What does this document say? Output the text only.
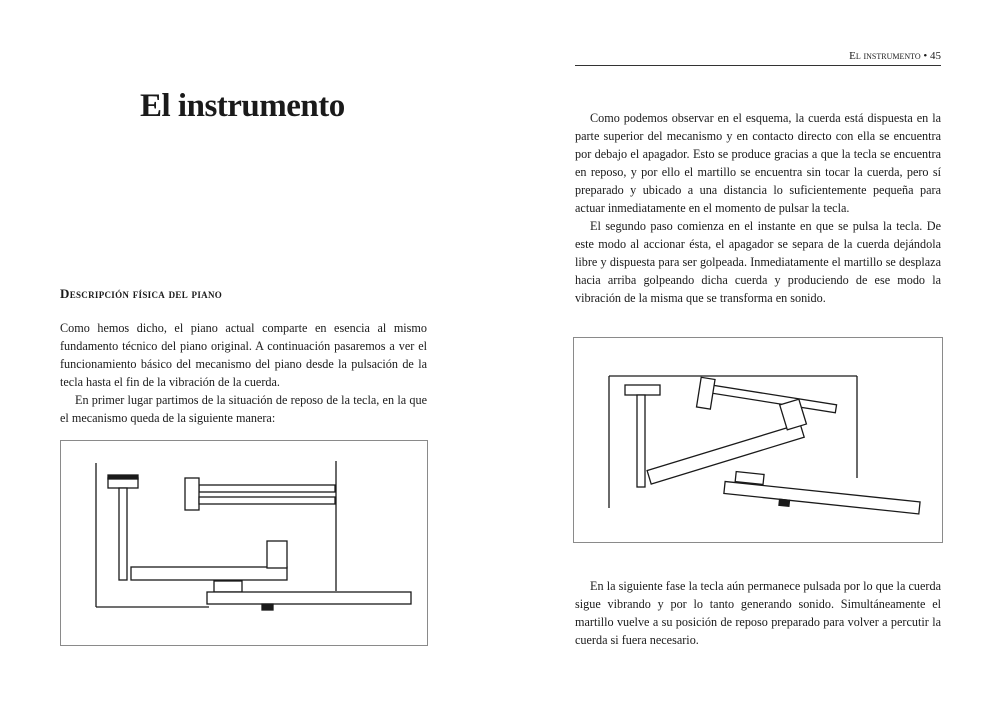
El instrumento
Descripción física del piano

Como hemos dicho, el piano actual comparte en esencia al mismo fundamento técnico del piano original. A continuación pasaremos a ver el funcionamiento básico del mecanismo del piano desde la pulsación de la tecla hasta el fin de la vibración de la cuerda.

En primer lugar partimos de la situación de reposo de la tecla, en la que el mecanismo queda de la siguiente manera:

El instrumento • 45

Como podemos observar en el esquema, la cuerda está dispuesta en la parte superior del mecanismo y en contacto directo con ella se encuentra por debajo el apagador. Esto se produce gracias a que la tecla se encuentra en reposo, y por ello el martillo se encuentra sin tocar la cuerda, pero sí preparado y ubicado a una distancia lo suficientemente pequeña para actuar inmediatamente en el momento de pulsar la tecla.

El segundo paso comienza en el instante en que se pulsa la tecla. De este modo al accionar ésta, el apagador se separa de la cuerda dejándola libre y dispuesta para ser golpeada. Inmediatamente el martillo se desplaza hacia arriba golpeando dicha cuerda y produciendo de ese modo la vibración de la misma que se transforma en sonido.

En la siguiente fase la tecla aún permanece pulsada por lo que la cuerda sigue vibrando y por lo tanto generando sonido. Simultáneamente el martillo vuelve a su posición de reposo preparado para volver a percutir la cuerda si fuera necesario.
